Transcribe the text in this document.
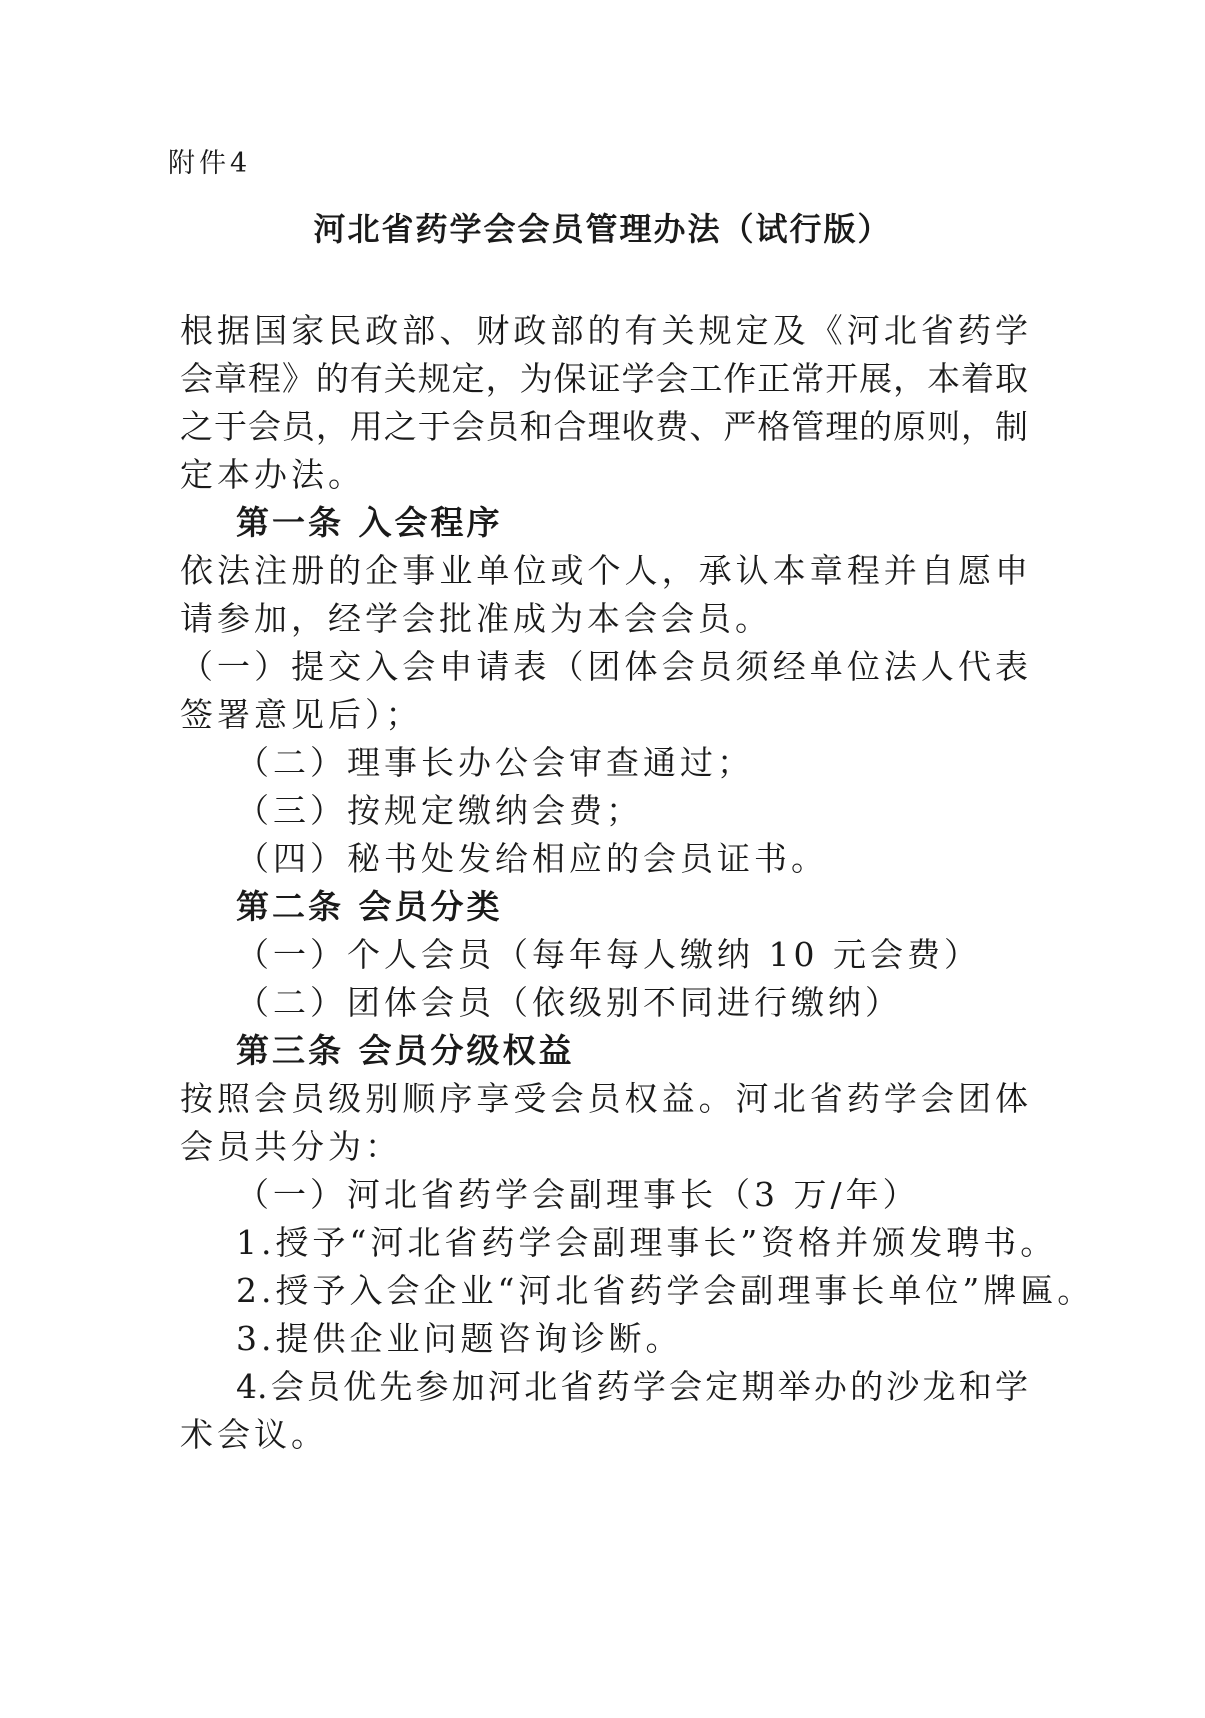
附件4
河北省药学会会员管理办法（试行版）
根据国家民政部、财政部的有关规定及《河北省药学
会章程》的有关规定，为保证学会工作正常开展，本着取
之于会员，用之于会员和合理收费、严格管理的原则，制
定本办法。
第一条 入会程序
依法注册的企事业单位或个人，承认本章程并自愿申
请参加，经学会批准成为本会会员。
（一）提交入会申请表（团体会员须经单位法人代表
签署意见后）；
（二）理事长办公会审查通过；
（三）按规定缴纳会费；
（四）秘书处发给相应的会员证书。
第二条 会员分类
（一）个人会员（每年每人缴纳 10 元会费）
（二）团体会员（依级别不同进行缴纳）
第三条 会员分级权益
按照会员级别顺序享受会员权益。河北省药学会团体
会员共分为：
（一）河北省药学会副理事长（3 万/年）
1.授予“河北省药学会副理事长”资格并颁发聘书。
2.授予入会企业“河北省药学会副理事长单位”牌匾。
3.提供企业问题咨询诊断。
4.会员优先参加河北省药学会定期举办的沙龙和学
术会议。
